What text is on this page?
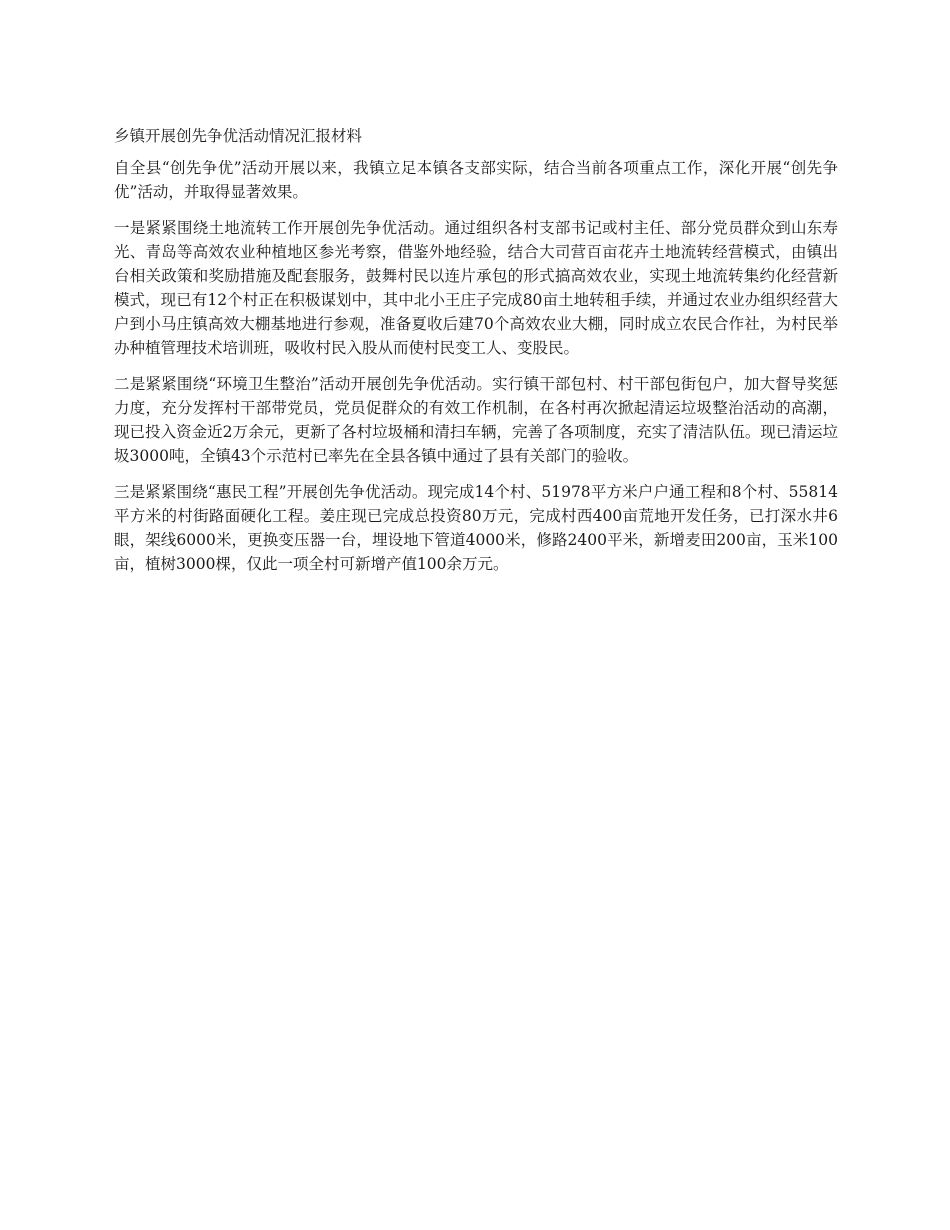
乡镇开展创先争优活动情况汇报材料

自全县“创先争优”活动开展以来，我镇立足本镇各支部实际，结合当前各项重点工作，深化开展“创先争优”活动，并取得显著效果。

一是紧紧围绕土地流转工作开展创先争优活动。通过组织各村支部书记或村主任、部分党员群众到山东寿光、青岛等高效农业种植地区参光考察，借鉴外地经验，结合大司营百亩花卉土地流转经营模式，由镇出台相关政策和奖励措施及配套服务，鼓舞村民以连片承包的形式搞高效农业，实现土地流转集约化经营新模式，现已有12个村正在积极谋划中，其中北小王庄子完成80亩土地转租手续，并通过农业办组织经营大户到小马庄镇高效大棚基地进行参观，准备夏收后建70个高效农业大棚，同时成立农民合作社，为村民举办种植管理技术培训班，吸收村民入股从而使村民变工人、变股民。

二是紧紧围绕“环境卫生整治”活动开展创先争优活动。实行镇干部包村、村干部包街包户，加大督导奖惩力度，充分发挥村干部带党员，党员促群众的有效工作机制，在各村再次掀起清运垃圾整治活动的高潮，现已投入资金近2万余元，更新了各村垃圾桶和清扫车辆，完善了各项制度，充实了清洁队伍。现已清运垃圾3000吨，全镇43个示范村已率先在全县各镇中通过了县有关部门的验收。

三是紧紧围绕“惠民工程”开展创先争优活动。现完成14个村、51978平方米户户通工程和8个村、55814平方米的村街路面硬化工程。姜庄现已完成总投资80万元，完成村西400亩荒地开发任务，已打深水井6眼，架线6000米，更换变压器一台，埋设地下管道4000米，修路2400平米，新增麦田200亩，玉米100亩，植树3000棵，仅此一项全村可新增产值100余万元。
